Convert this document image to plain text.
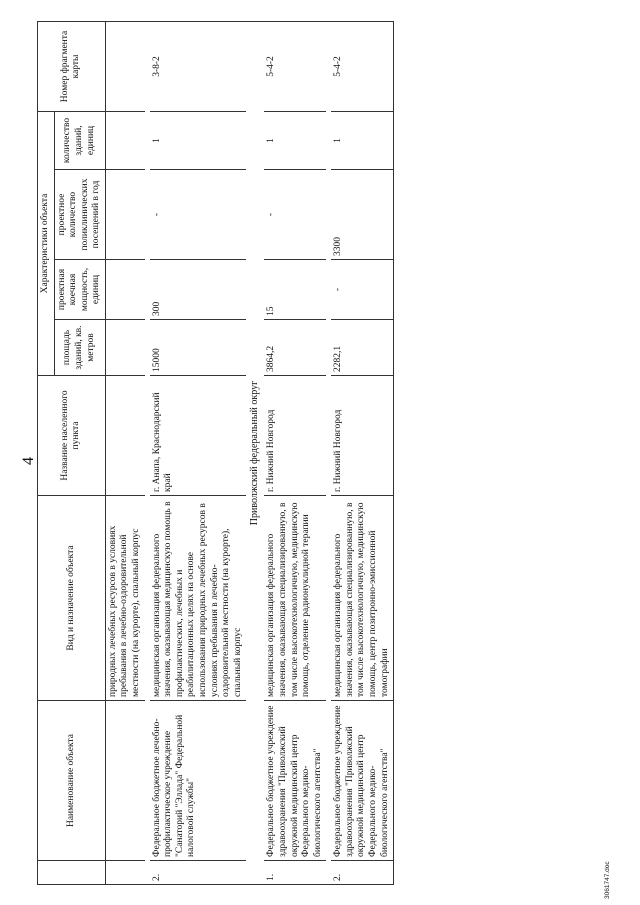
4
	Наименование объекта	Вид и назначение объекта	Название населенного пункта	Характеристики объекта				Номер фрагмента карты
				площадь зданий, кв. метров	проектная коечная мощность, единиц	проектное количество поликлинических посещений в год	количество зданий, единиц	
		природных лечебных ресурсов в условиях пребывания в лечебно-оздоровительной местности (на курорте), спальный корпус						

2.	Федеральное бюджетное лечебно-профилактическое учреждение "Санаторий "Эллада" Федеральной налоговой службы"	медицинская организация федерального значения, оказывающая медицинскую помощь в профилактических, лечебных и реабилитационных целях на основе использования природных лечебных ресурсов в условиях пребывания в лечебно-оздоровительной местности (на курорте), спальный корпус	г. Анапа, Краснодарский край	15000	300	-	1	3-8-2
Приволжский федеральный округ								
1.	Федеральное бюджетное учреждение здравоохранения "Приволжский окружной медицинский центр Федерального медико-биологического агентства"	медицинская организация федерального значения, оказывающая специализированную, в том числе высокотехнологичную, медицинскую помощь, отделение радионуклидной терапии	г. Нижний Новгород	3864,2	15	-	1	5-4-2

2.	Федеральное бюджетное учреждение здравоохранения "Приволжский окружной медицинский центр Федерального медико-биологического агентства"	медицинская организация федерального значения, оказывающая специализированную, в том числе высокотехнологичную, медицинскую помощь, центр позитронно-эмиссионной томографии	г. Нижний Новгород	2282,1	-	3300	1	5-4-2
3061747.doc
